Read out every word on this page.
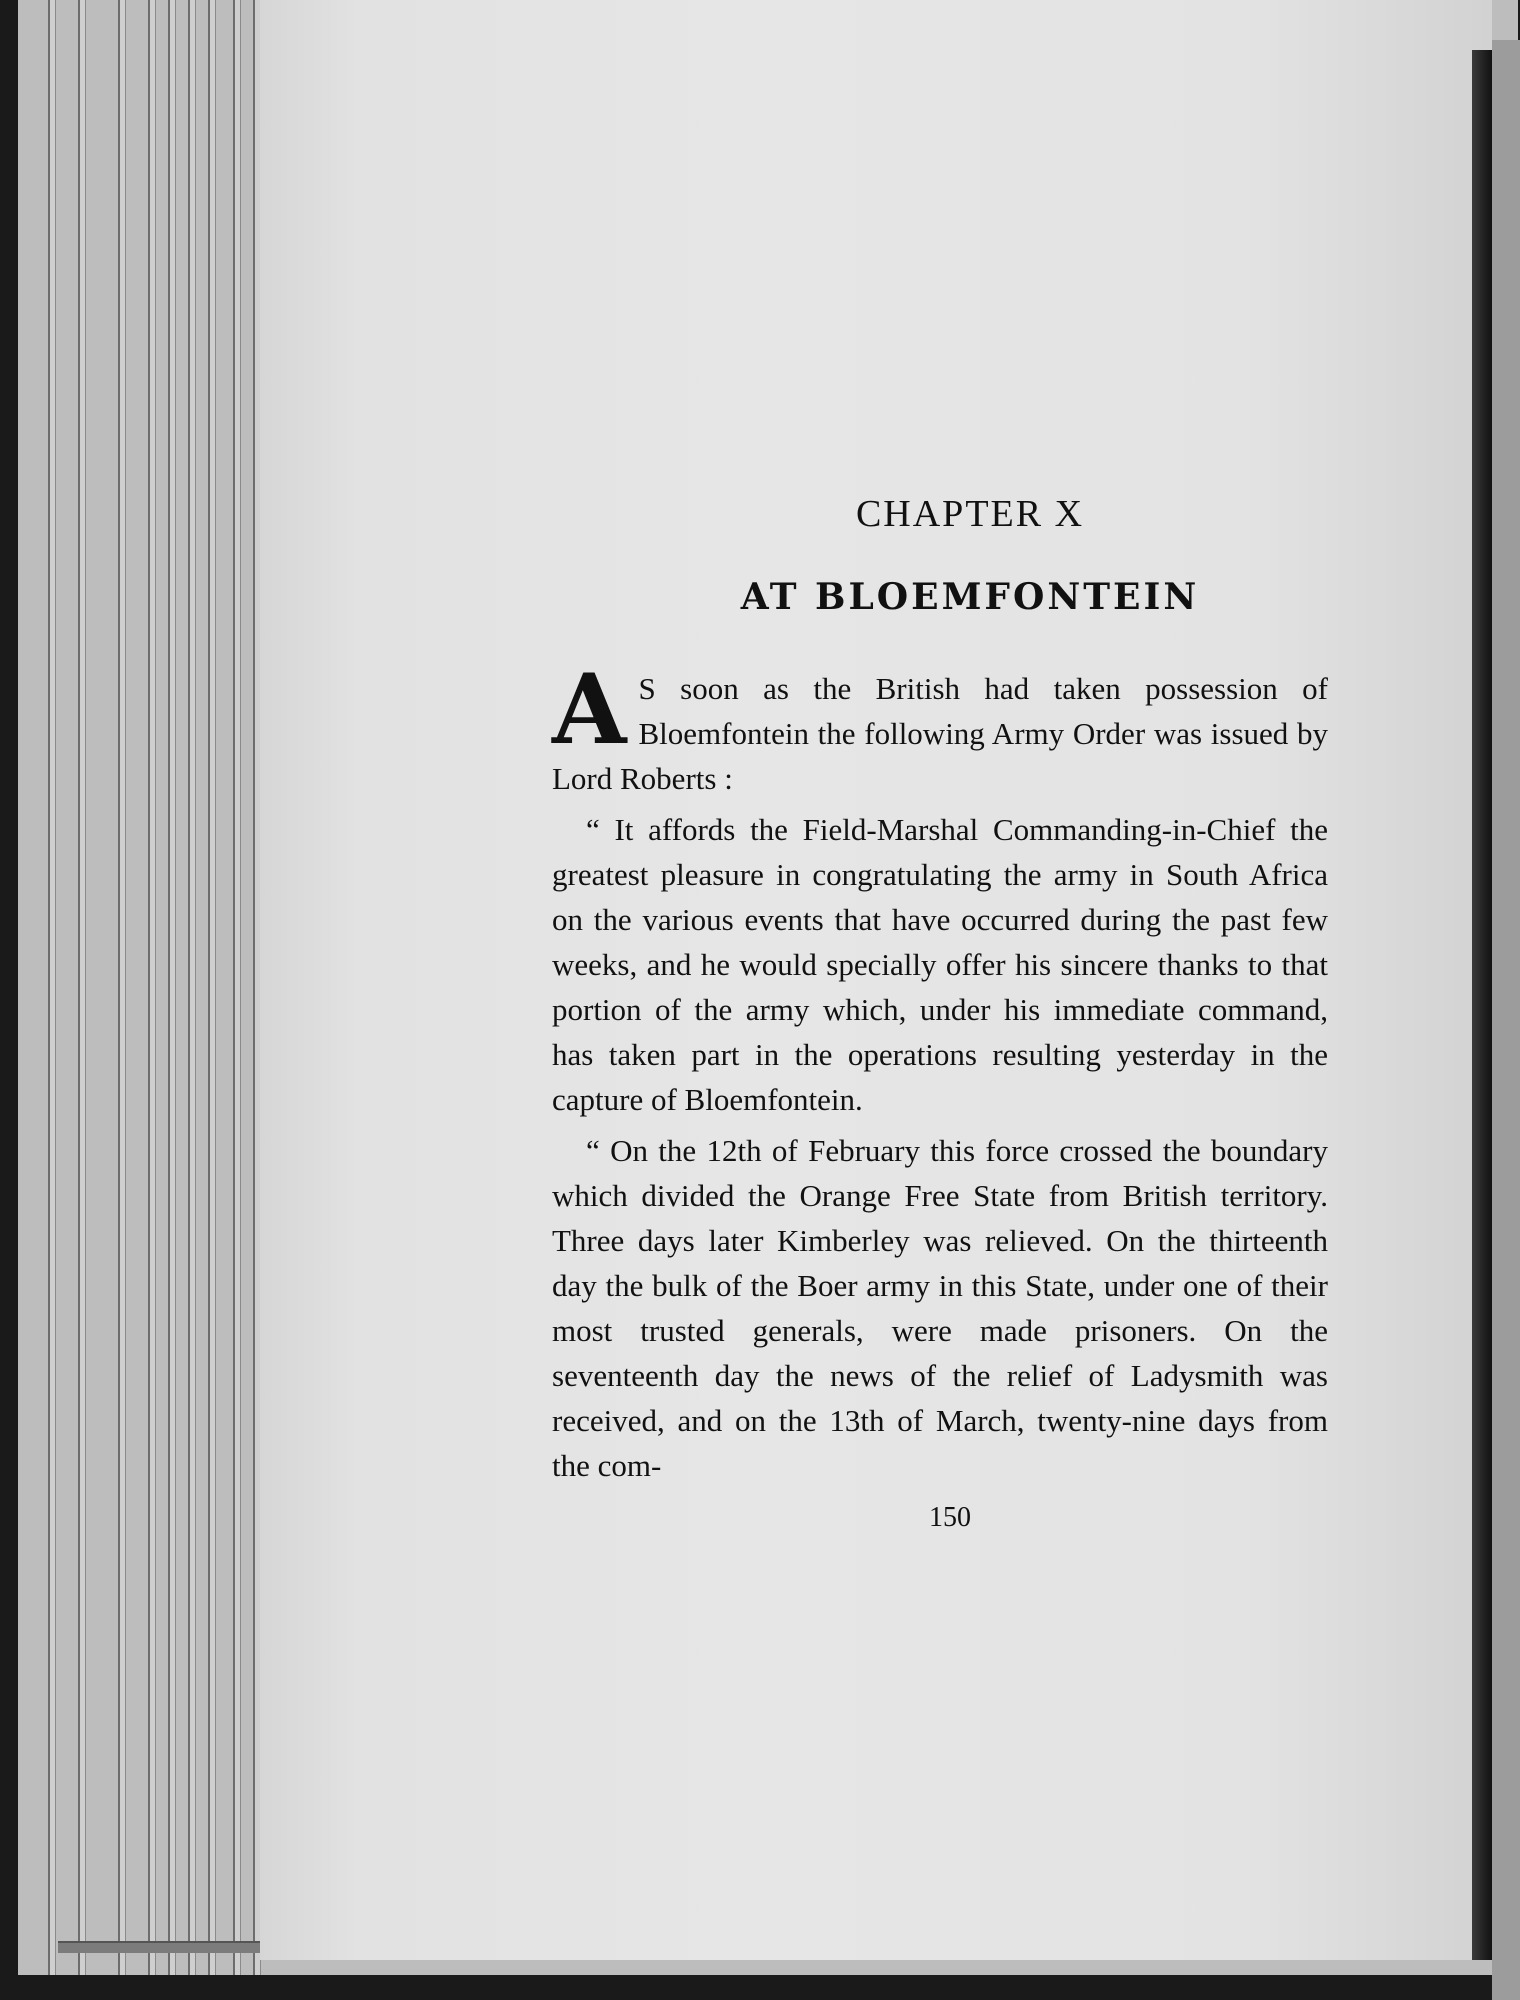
CHAPTER X
AT BLOEMFONTEIN

A S soon as the British had taken possession of Bloemfontein the following Army Order was issued by Lord Roberts :

“ It affords the Field-Marshal Commanding-in-Chief the greatest pleasure in congratulating the army in South Africa on the various events that have occurred during the past few weeks, and he would specially offer his sincere thanks to that portion of the army which, under his immediate command, has taken part in the operations resulting yesterday in the capture of Bloemfontein.

“ On the 12th of February this force crossed the boundary which divided the Orange Free State from British territory. Three days later Kimberley was relieved. On the thirteenth day the bulk of the Boer army in this State, under one of their most trusted generals, were made prisoners. On the seventeenth day the news of the relief of Ladysmith was received, and on the 13th of March, twenty-nine days from the com-

150
